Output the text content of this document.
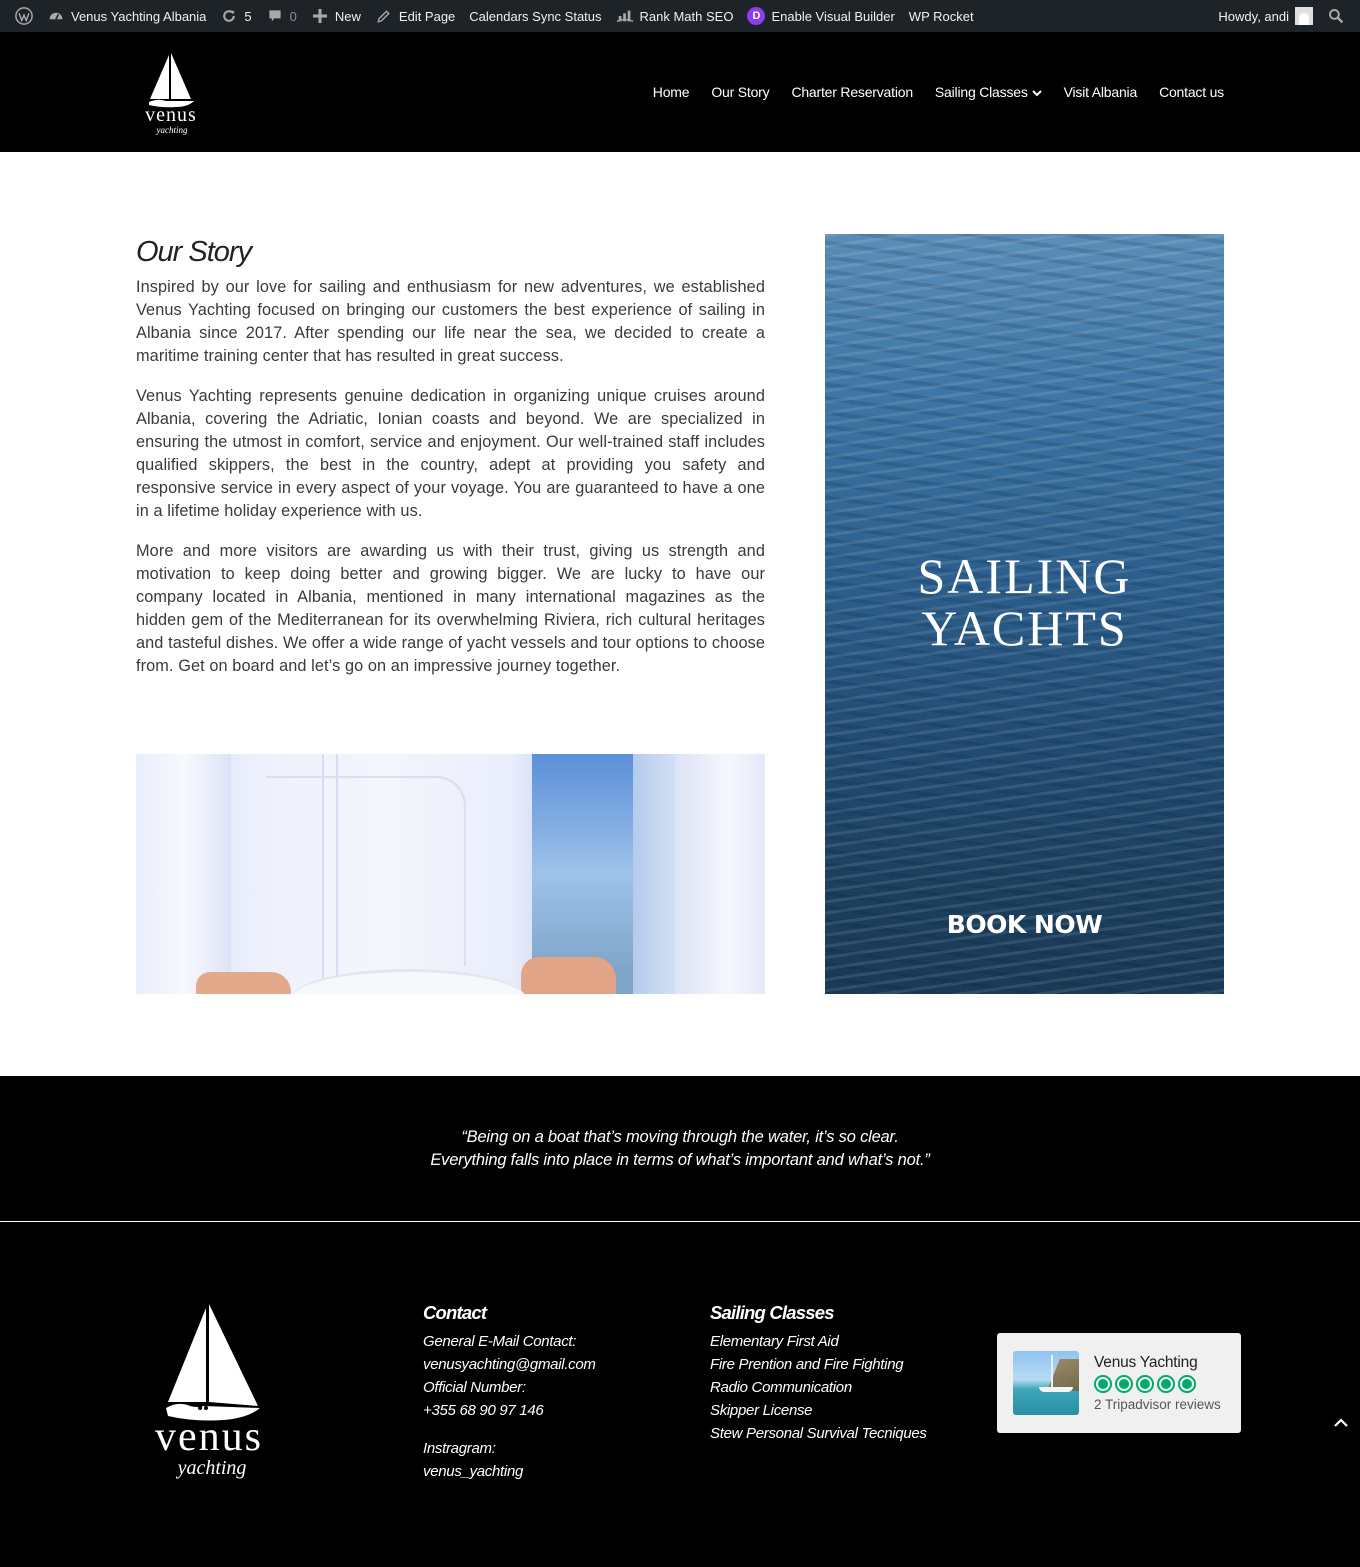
Venus Yachting Albania	5	0	New	Edit Page Calendars Sync Status	Rank Math SEO	D Enable Visual Builder WP Rocket	Howdy, andi
venus
yachting
Home Our Story Charter Reservation Sailing Classes	Visit Albania Contact us
Our Story

Inspired by our love for sailing and enthusiasm for new adventures, we established Venus Yachting focused on bringing our customers the best experience of sailing in Albania since 2017. After spending our life near the sea, we decided to create a maritime training center that has resulted in great success.

Venus Yachting represents genuine dedication in organizing unique cruises around Albania, covering the Adriatic, Ionian coasts and beyond. We are specialized in ensuring the utmost in comfort, service and enjoyment. Our well-trained staff includes qualified skippers, the best in the country, adept at providing you safety and responsive service in every aspect of your voyage. You are guaranteed to have a one in a lifetime holiday experience with us.

More and more visitors are awarding us with their trust, giving us strength and motivation to keep doing better and growing bigger. We are lucky to have our company located in Albania, mentioned in many international magazines as the hidden gem of the Mediterranean for its overwhelming Riviera, rich cultural heritages and tasteful dishes. We offer a wide range of yacht vessels and tour options to choose from. Get on board and let’s go on an impressive journey together.

SAILING
YACHTS
BOOK NOW
“Being on a boat that’s moving through the water, it’s so clear.
Everything falls into place in terms of what’s important and what’s not.”
venus
yachting
Contact
General E-Mail Contact:
venusyachting@gmail.com
Official Number:
+355 68 90 97 146
Instragram:
venus_yachting
Sailing Classes
Elementary First Aid
Fire Prention and Fire Fighting
Radio Communication
Skipper License
Stew Personal Survival Tecniques
Venus Yachting
2 Tripadvisor reviews
